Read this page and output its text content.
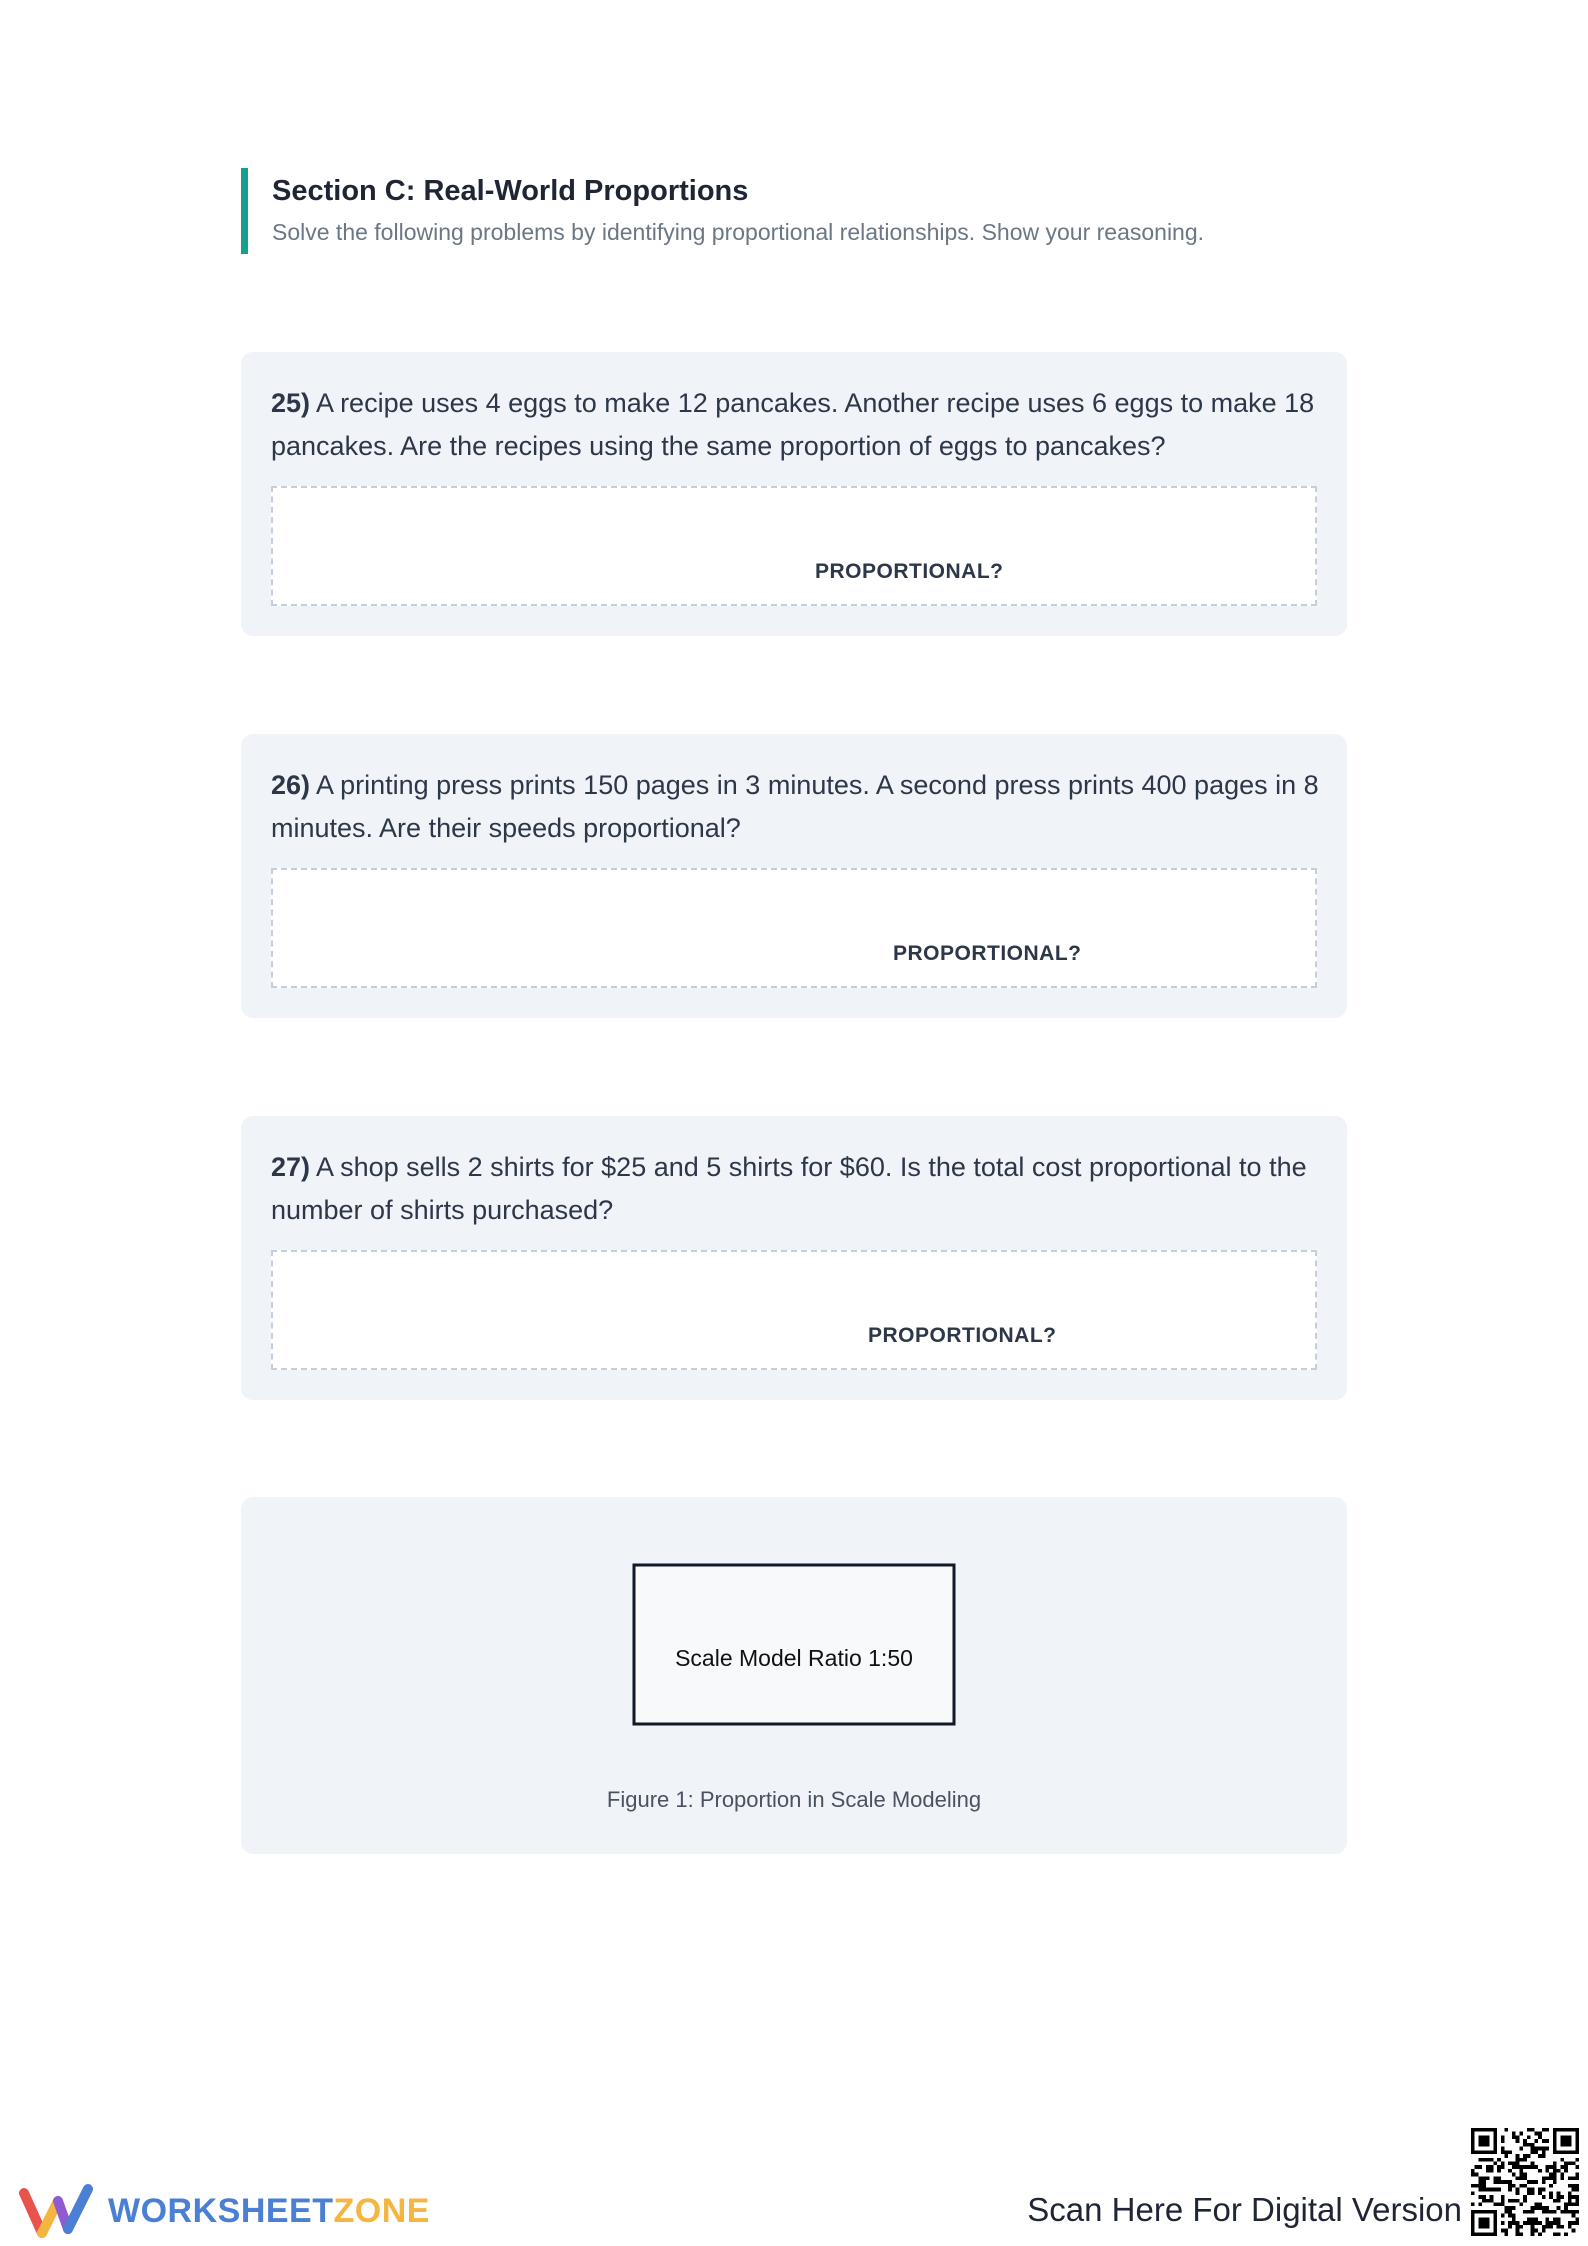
Section C: Real-World Proportions
Solve the following problems by identifying proportional relationships. Show your reasoning.
25) A recipe uses 4 eggs to make 12 pancakes. Another recipe uses 6 eggs to make 18 pancakes. Are the recipes using the same proportion of eggs to pancakes?
PROPORTIONAL?
26) A printing press prints 150 pages in 3 minutes. A second press prints 400 pages in 8 minutes. Are their speeds proportional?
PROPORTIONAL?
27) A shop sells 2 shirts for $25 and 5 shirts for $60. Is the total cost proportional to the number of shirts purchased?
PROPORTIONAL?
Scale Model Ratio 1:50
Figure 1: Proportion in Scale Modeling
WORKSHEETZONE	Scan Here For Digital Version
